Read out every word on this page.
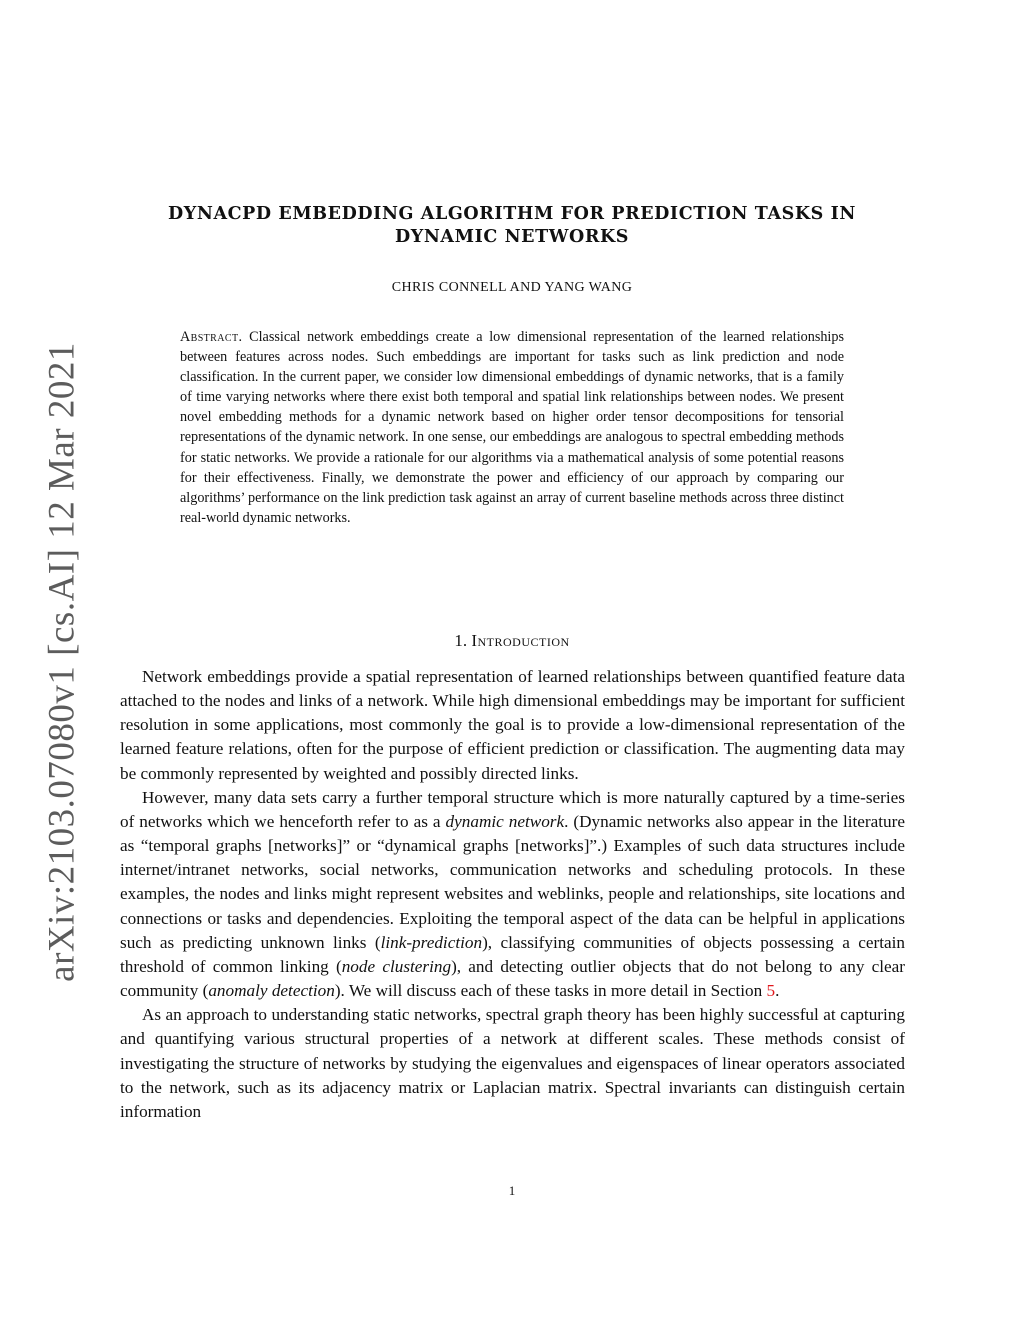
arXiv:2103.07080v1 [cs.AI] 12 Mar 2021
DYNACPD EMBEDDING ALGORITHM FOR PREDICTION TASKS IN
DYNAMIC NETWORKS
CHRIS CONNELL AND YANG WANG
Abstract. Classical network embeddings create a low dimensional representation of the learned relationships between features across nodes. Such embeddings are important for tasks such as link prediction and node classification. In the current paper, we consider low dimensional embeddings of dynamic networks, that is a family of time varying networks where there exist both temporal and spatial link relationships between nodes. We present novel embedding methods for a dynamic network based on higher order tensor decompositions for tensorial representations of the dynamic network. In one sense, our embeddings are analogous to spectral embedding methods for static networks. We provide a rationale for our algorithms via a mathematical analysis of some potential reasons for their effectiveness. Finally, we demonstrate the power and efficiency of our approach by comparing our algorithms’ performance on the link prediction task against an array of current baseline methods across three distinct real-world dynamic networks.
1. Introduction

Network embeddings provide a spatial representation of learned relationships between quantified feature data attached to the nodes and links of a network. While high dimensional embeddings may be important for sufficient resolution in some applications, most commonly the goal is to provide a low-dimensional representation of the learned feature relations, often for the purpose of efficient prediction or classification. The augmenting data may be commonly represented by weighted and possibly directed links.

However, many data sets carry a further temporal structure which is more naturally captured by a time-series of networks which we henceforth refer to as a dynamic network. (Dynamic networks also appear in the literature as “temporal graphs [networks]” or “dynamical graphs [networks]”.) Examples of such data structures include internet/intranet networks, social networks, communication networks and scheduling protocols. In these examples, the nodes and links might represent websites and weblinks, people and relationships, site locations and connections or tasks and dependencies. Exploiting the temporal aspect of the data can be helpful in applications such as predicting unknown links (link-prediction), classifying communities of objects possessing a certain threshold of common linking (node clustering), and detecting outlier objects that do not belong to any clear community (anomaly detection). We will discuss each of these tasks in more detail in Section 5.

As an approach to understanding static networks, spectral graph theory has been highly successful at capturing and quantifying various structural properties of a network at different scales. These methods consist of investigating the structure of networks by studying the eigenvalues and eigenspaces of linear operators associated to the network, such as its adjacency matrix or Laplacian matrix. Spectral invariants can distinguish certain information

1
